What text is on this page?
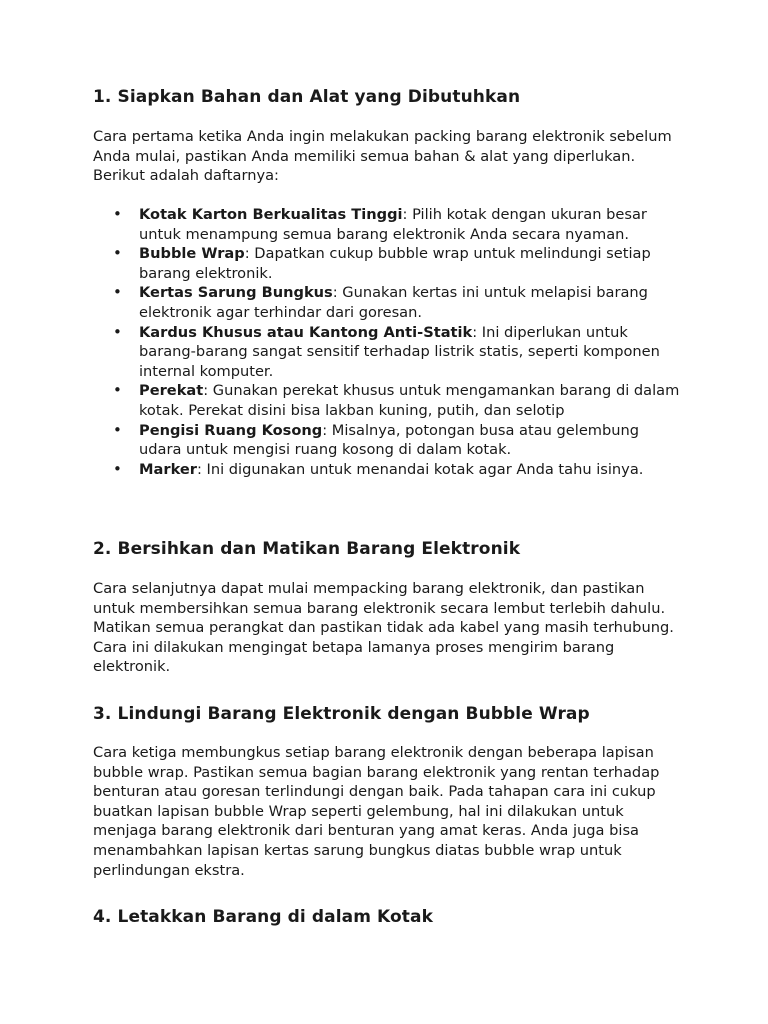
1. Siapkan Bahan dan Alat yang Dibutuhkan

Cara pertama ketika Anda ingin melakukan packing barang elektronik sebelum Anda mulai, pastikan Anda memiliki semua bahan & alat yang diperlukan. Berikut adalah daftarnya:

• Kotak Karton Berkualitas Tinggi: Pilih kotak dengan ukuran besar untuk menampung semua barang elektronik Anda secara nyaman.
• Bubble Wrap: Dapatkan cukup bubble wrap untuk melindungi setiap barang elektronik.
• Kertas Sarung Bungkus: Gunakan kertas ini untuk melapisi barang elektronik agar terhindar dari goresan.
• Kardus Khusus atau Kantong Anti-Statik: Ini diperlukan untuk barang-barang sangat sensitif terhadap listrik statis, seperti komponen internal komputer.
• Perekat: Gunakan perekat khusus untuk mengamankan barang di dalam kotak. Perekat disini bisa lakban kuning, putih, dan selotip
• Pengisi Ruang Kosong: Misalnya, potongan busa atau gelembung udara untuk mengisi ruang kosong di dalam kotak.
• Marker: Ini digunakan untuk menandai kotak agar Anda tahu isinya.
2. Bersihkan dan Matikan Barang Elektronik

Cara selanjutnya dapat mulai mempacking barang elektronik, dan pastikan untuk membersihkan semua barang elektronik secara lembut terlebih dahulu. Matikan semua perangkat dan pastikan tidak ada kabel yang masih terhubung. Cara ini dilakukan mengingat betapa lamanya proses mengirim barang elektronik.

3. Lindungi Barang Elektronik dengan Bubble Wrap

Cara ketiga membungkus setiap barang elektronik dengan beberapa lapisan bubble wrap. Pastikan semua bagian barang elektronik yang rentan terhadap benturan atau goresan terlindungi dengan baik. Pada tahapan cara ini cukup buatkan lapisan bubble Wrap seperti gelembung, hal ini dilakukan untuk menjaga barang elektronik dari benturan yang amat keras. Anda juga bisa menambahkan lapisan kertas sarung bungkus diatas bubble wrap untuk perlindungan ekstra.

4. Letakkan Barang di dalam Kotak
